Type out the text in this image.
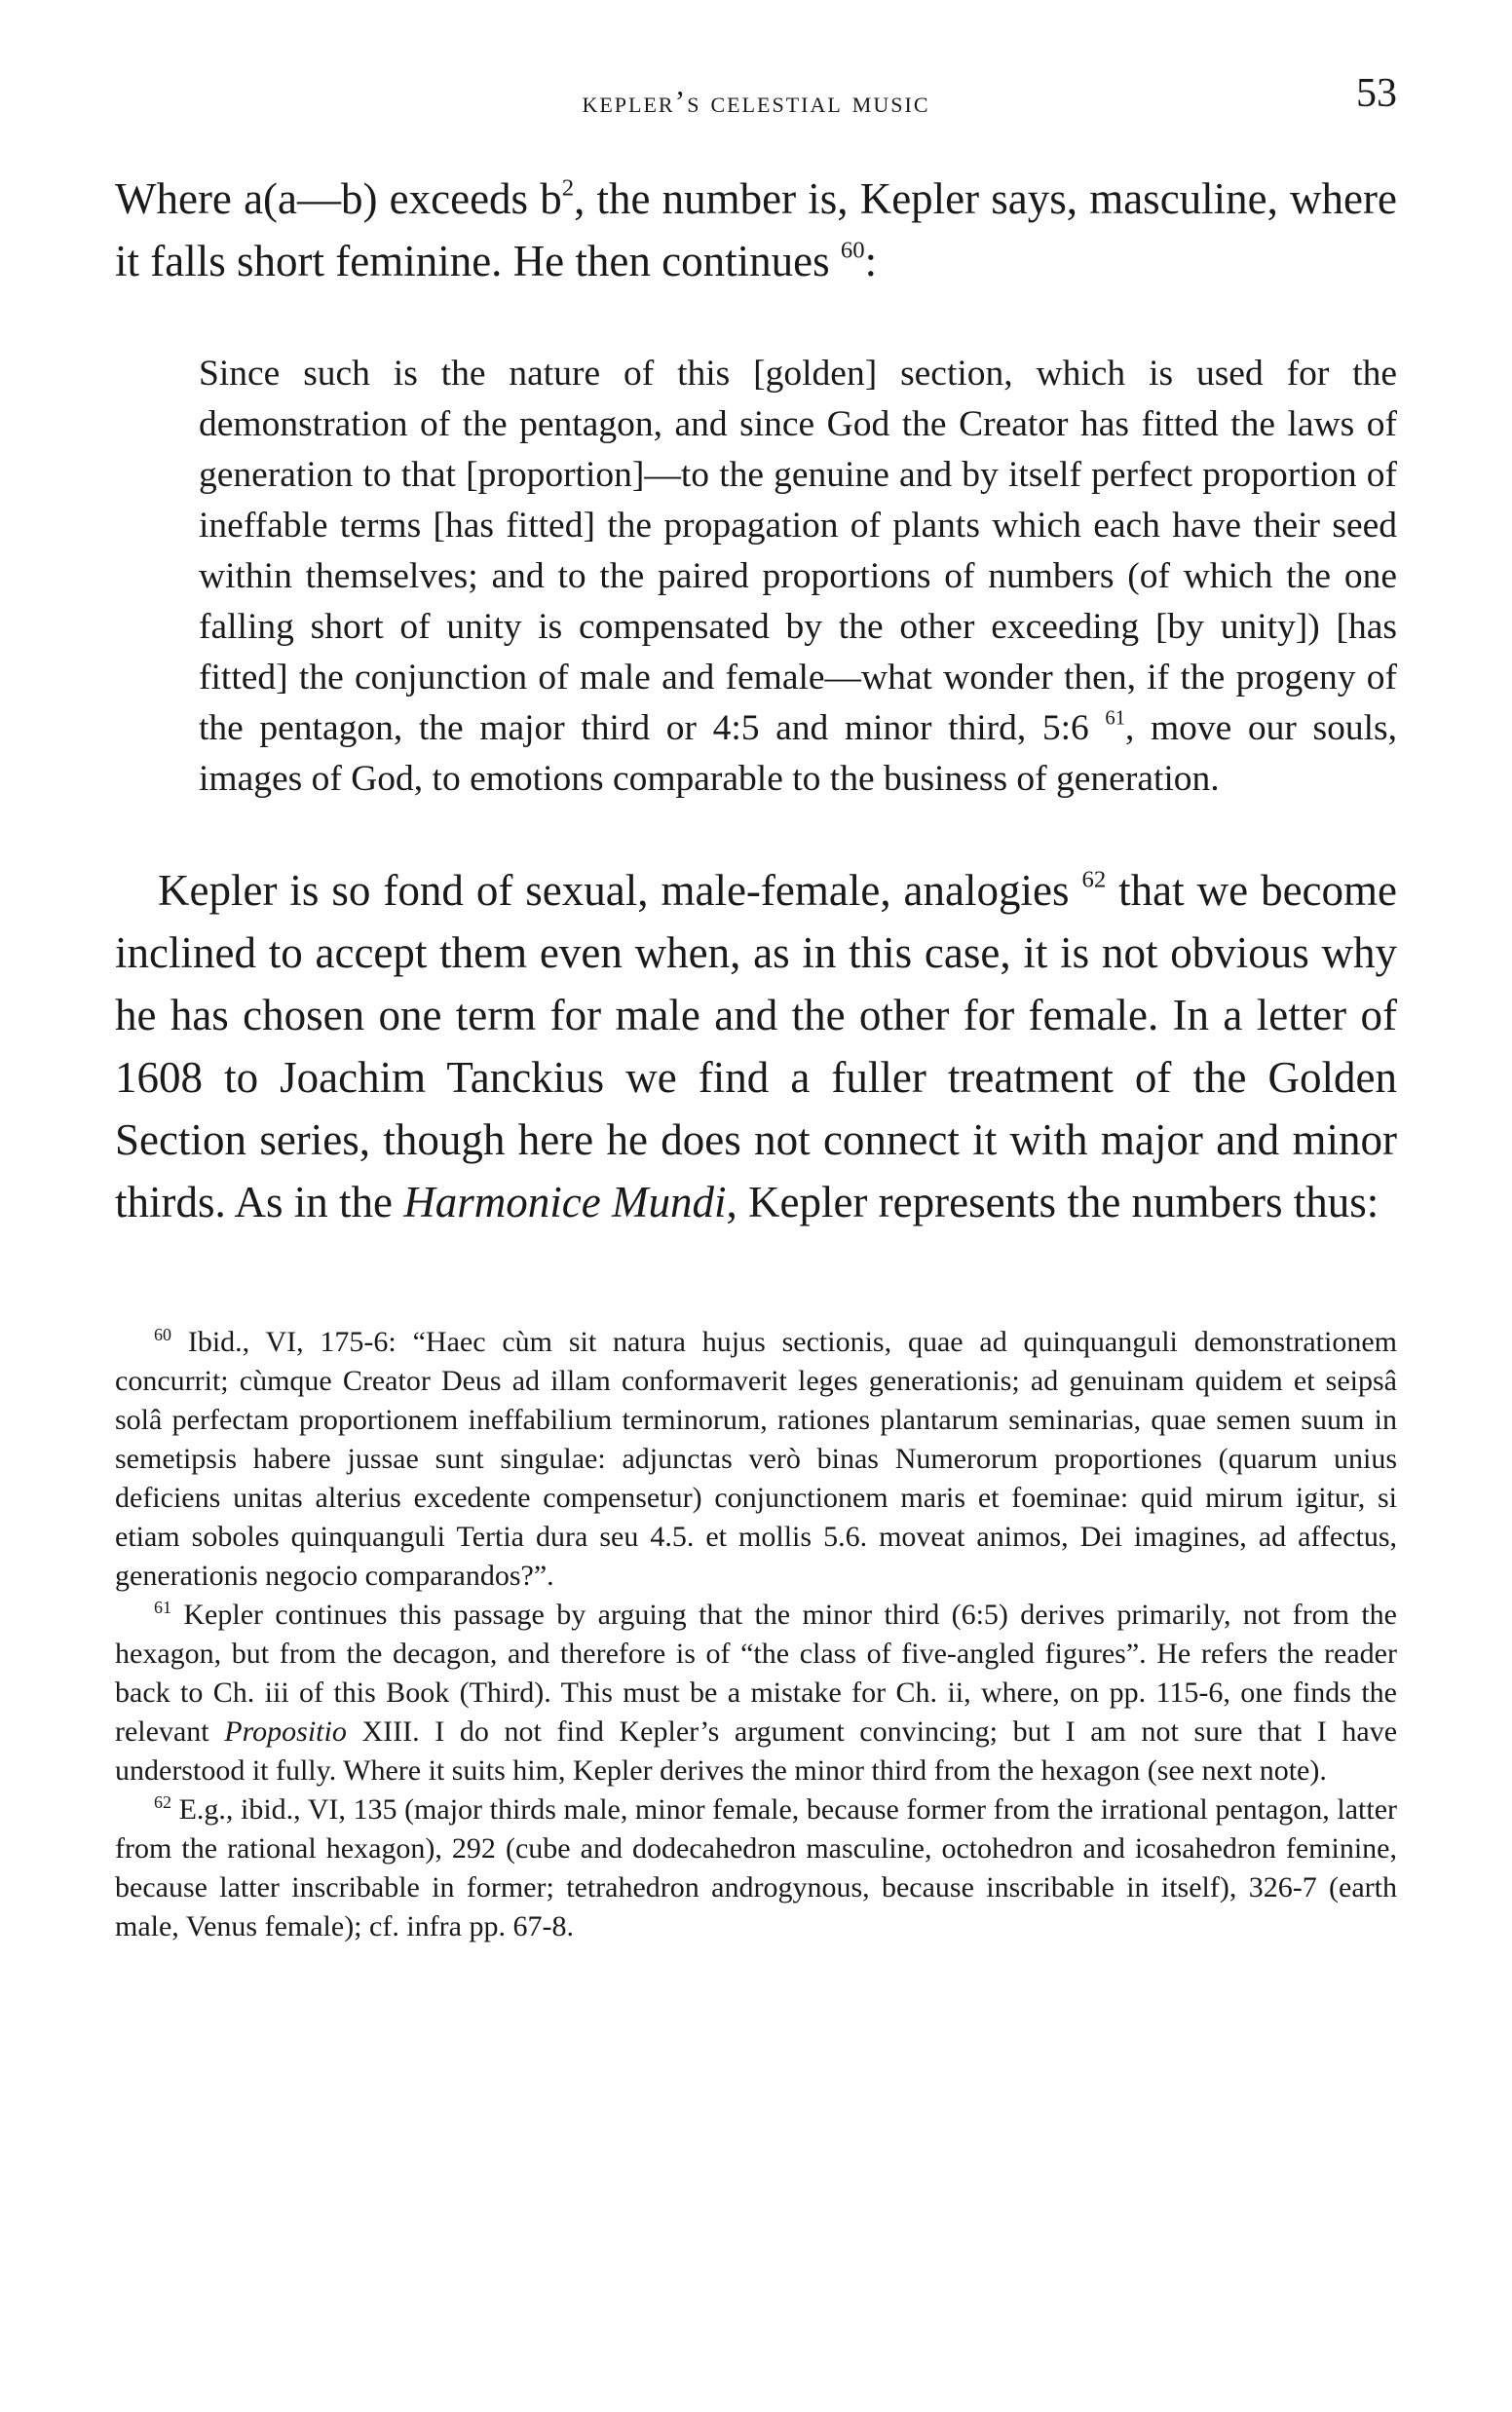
kepler’s celestial music	53

Where a(a—b) exceeds b$^2$, the number is, Kepler says, masculine, where it falls short feminine. He then continues $^{60}$:

Since such is the nature of this [golden] section, which is used for the demonstration of the pentagon, and since God the Creator has fitted the laws of generation to that [proportion]—to the genuine and by itself perfect proportion of ineffable terms [has fitted] the propagation of plants which each have their seed within themselves; and to the paired proportions of numbers (of which the one falling short of unity is compensated by the other exceeding [by unity]) [has fitted] the conjunction of male and female—what wonder then, if the progeny of the pentagon, the major third or 4:5 and minor third, 5:6 $^{61}$, move our souls, images of God, to emotions comparable to the business of generation.

Kepler is so fond of sexual, male-female, analogies $^{62}$ that we become inclined to accept them even when, as in this case, it is not obvious why he has chosen one term for male and the other for female. In a letter of 1608 to Joachim Tanckius we find a fuller treatment of the Golden Section series, though here he does not connect it with major and minor thirds. As in the Harmonice Mundi, Kepler represents the numbers thus:

$^{60}$ Ibid., VI, 175-6: “Haec cùm sit natura hujus sectionis, quae ad quinquanguli demonstrationem concurrit; cùmque Creator Deus ad illam conformaverit leges generationis; ad genuinam quidem et seipsâ solâ perfectam proportionem ineffabilium terminorum, rationes plantarum seminarias, quae semen suum in semetipsis habere jussae sunt singulae: adjunctas verò binas Numerorum proportiones (quarum unius deficiens unitas alterius excedente compensetur) conjunctionem maris et foeminae: quid mirum igitur, si etiam soboles quinquanguli Tertia dura seu 4.5. et mollis 5.6. moveat animos, Dei imagines, ad affectus, generationis negocio comparandos?”.

$^{61}$ Kepler continues this passage by arguing that the minor third (6:5) derives primarily, not from the hexagon, but from the decagon, and therefore is of “the class of five-angled figures”. He refers the reader back to Ch. iii of this Book (Third). This must be a mistake for Ch. ii, where, on pp. 115-6, one finds the relevant Propositio XIII. I do not find Kepler’s argument convincing; but I am not sure that I have understood it fully. Where it suits him, Kepler derives the minor third from the hexagon (see next note).

$^{62}$ E.g., ibid., VI, 135 (major thirds male, minor female, because former from the irrational pentagon, latter from the rational hexagon), 292 (cube and dodecahedron masculine, octohedron and icosahedron feminine, because latter inscribable in former; tetrahedron androgynous, because inscribable in itself), 326-7 (earth male, Venus female); cf. infra pp. 67-8.
